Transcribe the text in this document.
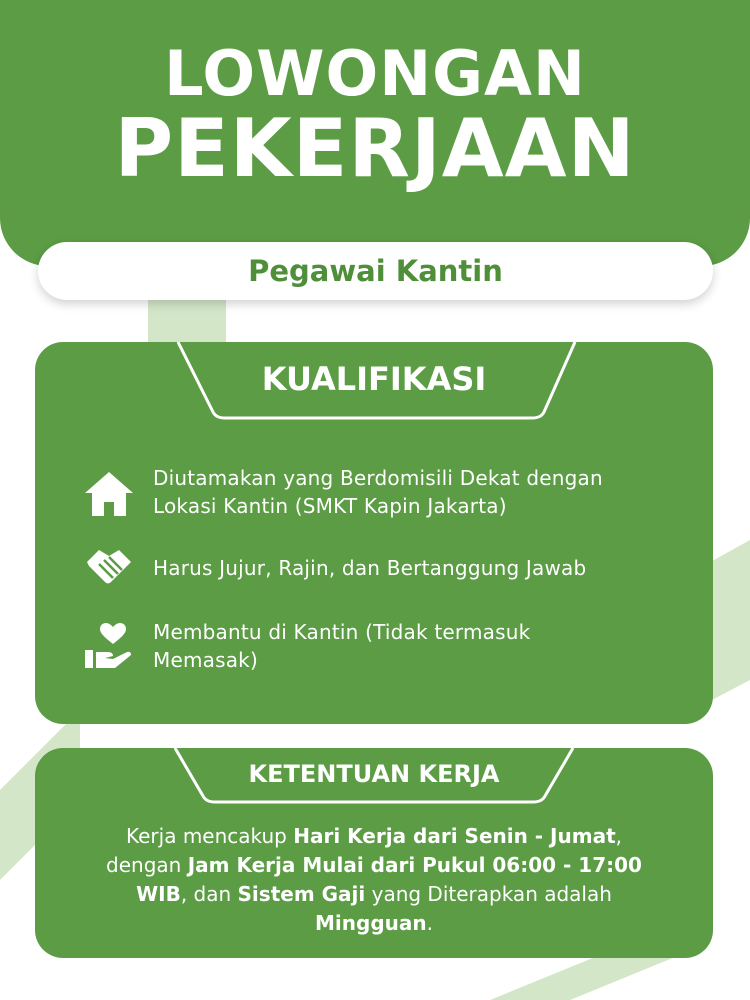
LOWONGAN
PEKERJAAN
Pegawai Kantin
KUALIFIKASI
Diutamakan yang Berdomisili Dekat dengan
Lokasi Kantin (SMKT Kapin Jakarta)
Harus Jujur, Rajin, dan Bertanggung Jawab
Membantu di Kantin (Tidak termasuk
Memasak)
KETENTUAN KERJA
Kerja mencakup Hari Kerja dari Senin - Jumat,
dengan Jam Kerja Mulai dari Pukul 06:00 - 17:00
WIB, dan Sistem Gaji yang Diterapkan adalah
Mingguan.
